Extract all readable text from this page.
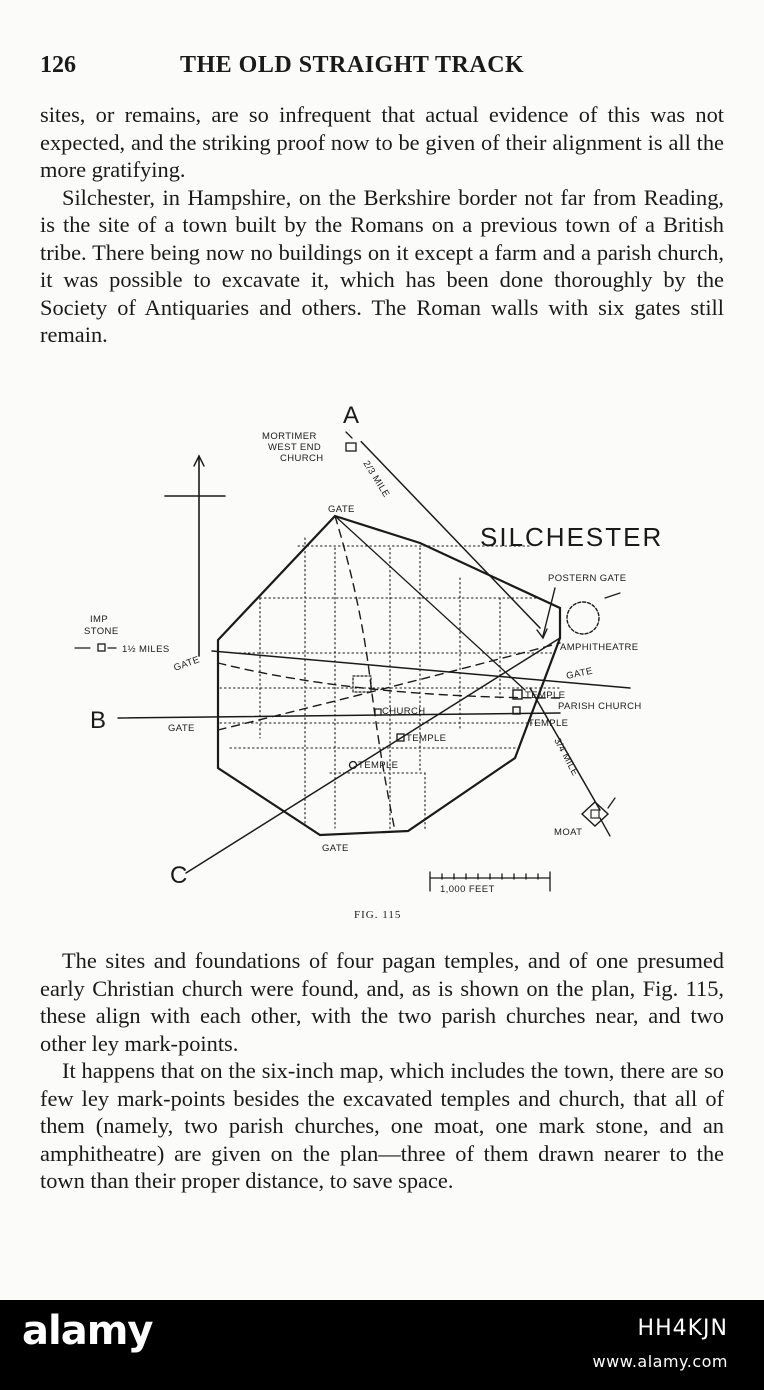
126	THE OLD STRAIGHT TRACK

sites, or remains, are so infrequent that actual evidence of this was not expected, and the striking proof now to be given of their alignment is all the more gratifying.

Silchester, in Hampshire, on the Berkshire border not far from Reading, is the site of a town built by the Romans on a previous town of a British tribe. There being now no buildings on it except a farm and a parish church, it was possible to excavate it, which has been done thoroughly by the Society of Antiquaries and others. The Roman walls with six gates still remain.

A
B
C
SILCHESTER
MORTIMER
WEST END
CHURCH
2/3 MILE
GATE
IMP
STONE
1½ MILES
GATE
GATE
POSTERN GATE
AMPHITHEATRE
GATE
TEMPLE
PARISH CHURCH
TEMPLE
CHURCH
TEMPLE
TEMPLE	3/4 MILE
MOAT
GATE
1,000 FEET
FIG. 115

The sites and foundations of four pagan temples, and of one presumed early Christian church were found, and, as is shown on the plan, Fig. 115, these align with each other, with the two parish churches near, and two other ley mark-points.

It happens that on the six-inch map, which includes the town, there are so few ley mark-points besides the excavated temples and church, that all of them (namely, two parish churches, one moat, one mark stone, and an amphitheatre) are given on the plan—three of them drawn nearer to the town than their proper distance, to save space.

alamy	HH4KJN
www.alamy.com
